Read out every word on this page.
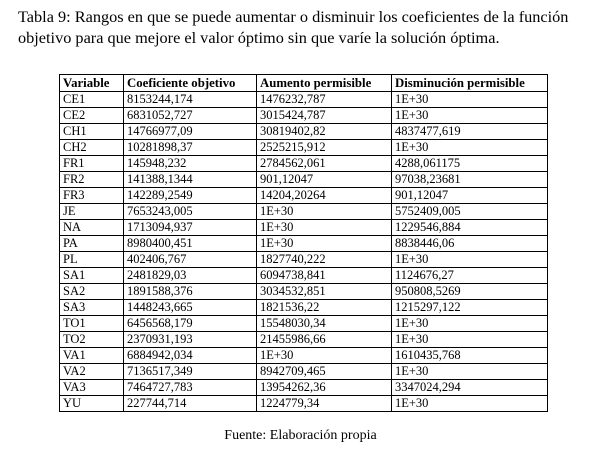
Tabla 9: Rangos en que se puede aumentar o disminuir los coeficientes de la función objetivo para que mejore el valor óptimo sin que varíe la solución óptima.

Variable	Coeficiente objetivo	Aumento permisible	Disminución permisible
CE1	8153244,174	1476232,787	1E+30
CE2	6831052,727	3015424,787	1E+30
CH1	14766977,09	30819402,82	4837477,619
CH2	10281898,37	2525215,912	1E+30
FR1	145948,232	2784562,061	4288,061175
FR2	141388,1344	901,12047	97038,23681
FR3	142289,2549	14204,20264	901,12047
JE	7653243,005	1E+30	5752409,005
NA	1713094,937	1E+30	1229546,884
PA	8980400,451	1E+30	8838446,06
PL	402406,767	1827740,222	1E+30
SA1	2481829,03	6094738,841	1124676,27
SA2	1891588,376	3034532,851	950808,5269
SA3	1448243,665	1821536,22	1215297,122
TO1	6456568,179	15548030,34	1E+30
TO2	2370931,193	21455986,66	1E+30
VA1	6884942,034	1E+30	1610435,768
VA2	7136517,349	8942709,465	1E+30
VA3	7464727,783	13954262,36	3347024,294
YU	227744,714	1224779,34	1E+30

Fuente: Elaboración propia
